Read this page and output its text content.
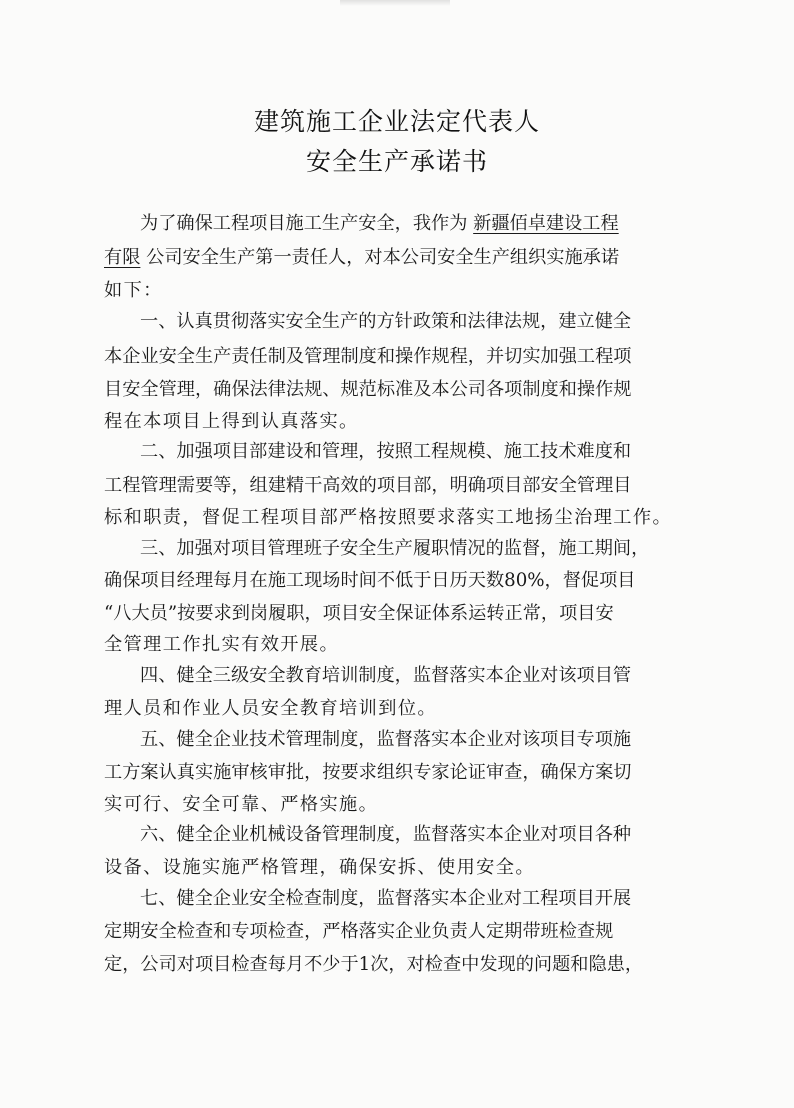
建筑施工企业法定代表人
安全生产承诺书
为了确保工程项目施工生产安全，我作为 新疆佰卓建设工程
有限 公司安全生产第一责任人，对本公司安全生产组织实施承诺
如下：
一、认真贯彻落实安全生产的方针政策和法律法规，建立健全
本企业安全生产责任制及管理制度和操作规程，并切实加强工程项
目安全管理，确保法律法规、规范标准及本公司各项制度和操作规
程在本项目上得到认真落实。
二、加强项目部建设和管理，按照工程规模、施工技术难度和
工程管理需要等，组建精干高效的项目部，明确项目部安全管理目
标和职责，督促工程项目部严格按照要求落实工地扬尘治理工作。
三、加强对项目管理班子安全生产履职情况的监督，施工期间，
确保项目经理每月在施工现场时间不低于日历天数80%，督促项目
“八大员”按要求到岗履职，项目安全保证体系运转正常，项目安
全管理工作扎实有效开展。
四、健全三级安全教育培训制度，监督落实本企业对该项目管
理人员和作业人员安全教育培训到位。
五、健全企业技术管理制度，监督落实本企业对该项目专项施
工方案认真实施审核审批，按要求组织专家论证审查，确保方案切
实可行、安全可靠、严格实施。
六、健全企业机械设备管理制度，监督落实本企业对项目各种
设备、设施实施严格管理，确保安拆、使用安全。
七、健全企业安全检查制度，监督落实本企业对工程项目开展
定期安全检查和专项检查，严格落实企业负责人定期带班检查规
定，公司对项目检查每月不少于1次，对检查中发现的问题和隐患，
